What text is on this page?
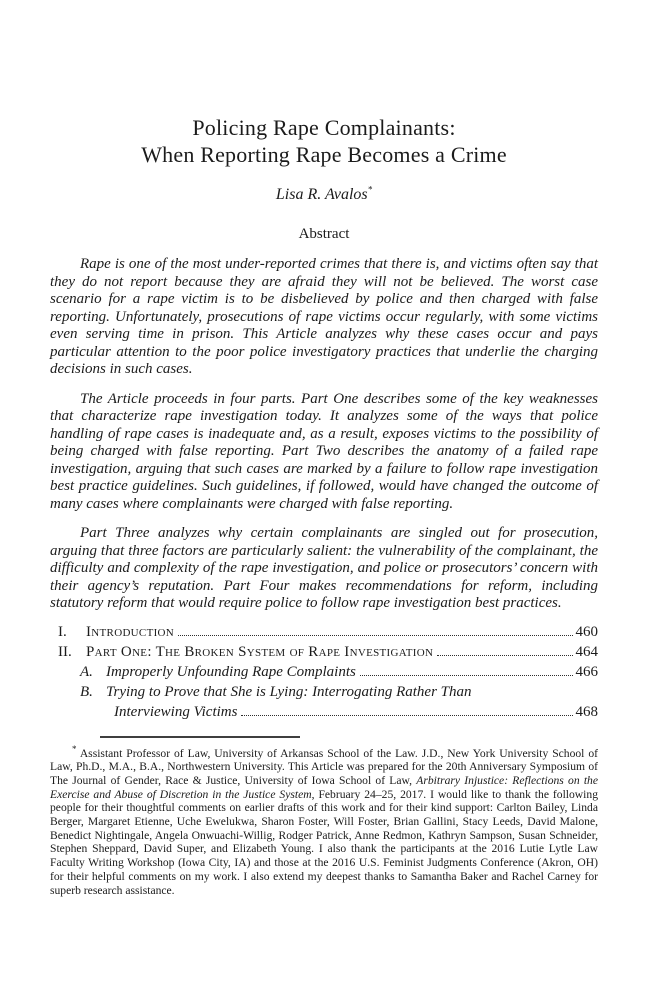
Policing Rape Complainants:
When Reporting Rape Becomes a Crime
Lisa R. Avalos*
Abstract

Rape is one of the most under-reported crimes that there is, and victims often say that they do not report because they are afraid they will not be believed. The worst case scenario for a rape victim is to be disbelieved by police and then charged with false reporting. Unfortunately, prosecutions of rape victims occur regularly, with some victims even serving time in prison. This Article analyzes why these cases occur and pays particular attention to the poor police investigatory practices that underlie the charging decisions in such cases.

The Article proceeds in four parts. Part One describes some of the key weaknesses that characterize rape investigation today. It analyzes some of the ways that police handling of rape cases is inadequate and, as a result, exposes victims to the possibility of being charged with false reporting. Part Two describes the anatomy of a failed rape investigation, arguing that such cases are marked by a failure to follow rape investigation best practice guidelines. Such guidelines, if followed, would have changed the outcome of many cases where complainants were charged with false reporting.

Part Three analyzes why certain complainants are singled out for prosecution, arguing that three factors are particularly salient: the vulnerability of the complainant, the difficulty and complexity of the rape investigation, and police or prosecutors’ concern with their agency’s reputation. Part Four makes recommendations for reform, including statutory reform that would require police to follow rape investigation best practices.

I.	Introduction	460
II. Part One: The Broken System of Rape Investigation	464
A. Improperly Unfounding Rape Complaints	466
B. Trying to Prove that She is Lying: Interrogating Rather Than
Interviewing Victims	468

* Assistant Professor of Law, University of Arkansas School of the Law. J.D., New York University School of Law, Ph.D., M.A., B.A., Northwestern University. This Article was prepared for the 20th Anniversary Symposium of The Journal of Gender, Race & Justice, University of Iowa School of Law, Arbitrary Injustice: Reflections on the Exercise and Abuse of Discretion in the Justice System, February 24–25, 2017. I would like to thank the following people for their thoughtful comments on earlier drafts of this work and for their kind support: Carlton Bailey, Linda Berger, Margaret Etienne, Uche Ewelukwa, Sharon Foster, Will Foster, Brian Gallini, Stacy Leeds, David Malone, Benedict Nightingale, Angela Onwuachi-Willig, Rodger Patrick, Anne Redmon, Kathryn Sampson, Susan Schneider, Stephen Sheppard, David Super, and Elizabeth Young. I also thank the participants at the 2016 Lutie Lytle Law Faculty Writing Workshop (Iowa City, IA) and those at the 2016 U.S. Feminist Judgments Conference (Akron, OH) for their helpful comments on my work. I also extend my deepest thanks to Samantha Baker and Rachel Carney for superb research assistance.
